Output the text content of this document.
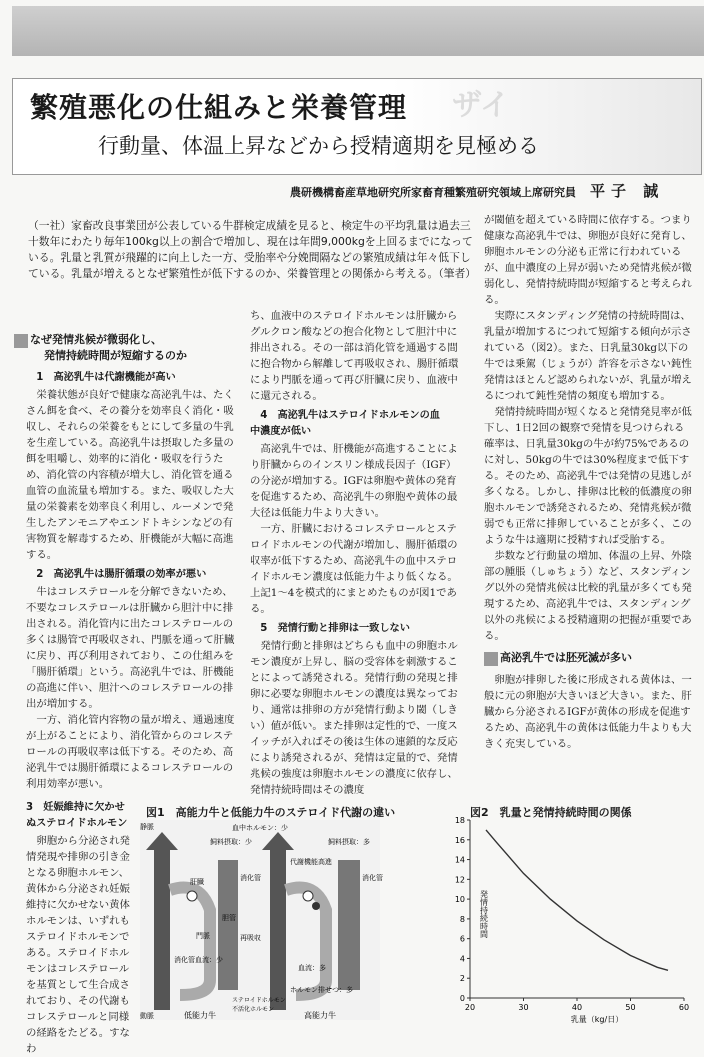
ザイ
繁殖悪化の仕組みと栄養管理
行動量、体温上昇などから授精適期を見極める
農研機構畜産草地研究所家畜育種繁殖研究領域上席研究員 平子 誠
（一社）家畜改良事業団が公表している牛群検定成績を見ると、検定牛の平均乳量は過去三十数年にわたり毎年100kg以上の割合で増加し、現在は年間9,000kgを上回るまでになっている。乳量と乳質が飛躍的に向上した一方、受胎率や分娩間隔などの繁殖成績は年々低下している。乳量が増えるとなぜ繁殖性が低下するのか、栄養管理との関係から考える。（筆者）
なぜ発情兆候が微弱化し、
発情持続時間が短縮するのか
1　高泌乳牛は代謝機能が高い

栄養状態が良好で健康な高泌乳牛は、たくさん餌を食べ、その養分を効率良く消化・吸収し、それらの栄養をもとにして多量の牛乳を生産している。高泌乳牛は摂取した多量の餌を咀嚼し、効率的に消化・吸収を行うため、消化管の内容積が増大し、消化管を通る血管の血流量も増加する。また、吸収した大量の栄養素を効率良く利用し、ルーメンで発生したアンモニアやエンドトキシンなどの有害物質を解毒するため、肝機能が大幅に高進する。

2　高泌乳牛は腸肝循環の効率が悪い

牛はコレステロールを分解できないため、不要なコレステロールは肝臓から胆汁中に排出される。消化管内に出たコレステロールの多くは腸管で再吸収され、門脈を通って肝臓に戻り、再び利用されており、この仕組みを「腸肝循環」という。高泌乳牛では、肝機能の高進に伴い、胆汁へのコレステロールの排出が増加する。

一方、消化管内容物の量が増え、通過速度が上がることにより、消化管からのコレステロールの再吸収率は低下する。そのため、高泌乳牛では腸肝循環によるコレステロールの利用効率が悪い。

3　妊娠維持に欠かせ
ぬステロイドホルモン

卵胞から分泌され発情発現や排卵の引き金となる卵胞ホルモン、黄体から分泌され妊娠維持に欠かせない黄体ホルモンは、いずれもステロイドホルモンである。ステロイドホルモンはコレステロールを基質として生合成されており、その代謝もコレステロールと同様の経路をたどる。すなわ

ち、血液中のステロイドホルモンは肝臓からグルクロン酸などの抱合化物として胆汁中に排出される。その一部は消化管を通過する間に抱合物から解離して再吸収され、腸肝循環により門脈を通って再び肝臓に戻り、血液中に還元される。

4　高泌乳牛はステロイドホルモンの血
中濃度が低い

高泌乳牛では、肝機能が高進することにより肝臓からのインスリン様成長因子（IGF）の分泌が増加する。IGFは卵胞や黄体の発育を促進するため、高泌乳牛の卵胞や黄体の最大径は低能力牛より大きい。

一方、肝臓におけるコレステロールとステロイドホルモンの代謝が増加し、腸肝循環の収率が低下するため、高泌乳牛の血中ステロイドホルモン濃度は低能力牛より低くなる。上記1〜4を模式的にまとめたものが図1である。

5　発情行動と排卵は一致しない

発情行動と排卵はどちらも血中の卵胞ホルモン濃度が上昇し、脳の受容体を刺激することによって誘発される。発情行動の発現と排卵に必要な卵胞ホルモンの濃度は異なっており、通常は排卵の方が発情行動より閾（しきい）値が低い。また排卵は定性的で、一度スイッチが入ればその後は生体の連鎖的な反応により誘発されるが、発情は定量的で、発情兆候の強度は卵胞ホルモンの濃度に依存し、発情持続時間はその濃度

が閾値を超えている時間に依存する。つまり健康な高泌乳牛では、卵胞が良好に発育し、卵胞ホルモンの分泌も正常に行われているが、血中濃度の上昇が弱いため発情兆候が微弱化し、発情持続時間が短縮すると考えられる。

実際にスタンディング発情の持続時間は、乳量が増加するにつれて短縮する傾向が示されている（図2）。また、日乳量30kg以下の牛では乗駕（じょうが）許容を示さない鈍性発情はほとんど認められないが、乳量が増えるにつれて鈍性発情の頻度も増加する。

発情持続時間が短くなると発情発見率が低下し、1日2回の観察で発情を見つけられる確率は、日乳量30kgの牛が約75%であるのに対し、50kgの牛では30%程度まで低下する。そのため、高泌乳牛では発情の見逃しが多くなる。しかし、排卵は比較的低濃度の卵胞ホルモンで誘発されるため、発情兆候が微弱でも正常に排卵していることが多く、このような牛は適期に授精すれば受胎する。

歩数など行動量の増加、体温の上昇、外陰部の腫脹（しゅちょう）など、スタンディング以外の発情兆候は比較的乳量が多くても発現するため、高泌乳牛では、スタンディング以外の兆候による授精適期の把握が重要である。

高泌乳牛では胚死滅が多い

卵胞が排卵した後に形成される黄体は、一般に元の卵胞が大きいほど大きい。また、肝臓から分泌されるIGFが黄体の形成を促進するため、高泌乳牛の黄体は低能力牛よりも大きく充実している。

図1　高能力牛と低能力牛のステロイド代謝の違い
静脈
動脈
血中ホルモン：少
飼料摂取：少	飼料摂取：多
肝臓
代謝機能高進
消化管	消化管
胆管
再吸収
門脈
消化管血流：少
血流：多
ホルモン排せつ：多
ステロイドホルモン
不活化ホルモン
低能力牛	高能力牛
図2　乳量と発情持続時間の関係
0
2
4
6
8
10
12
14
16
18
20	30	40	50	60
発情持続時間
乳量（kg/日）
